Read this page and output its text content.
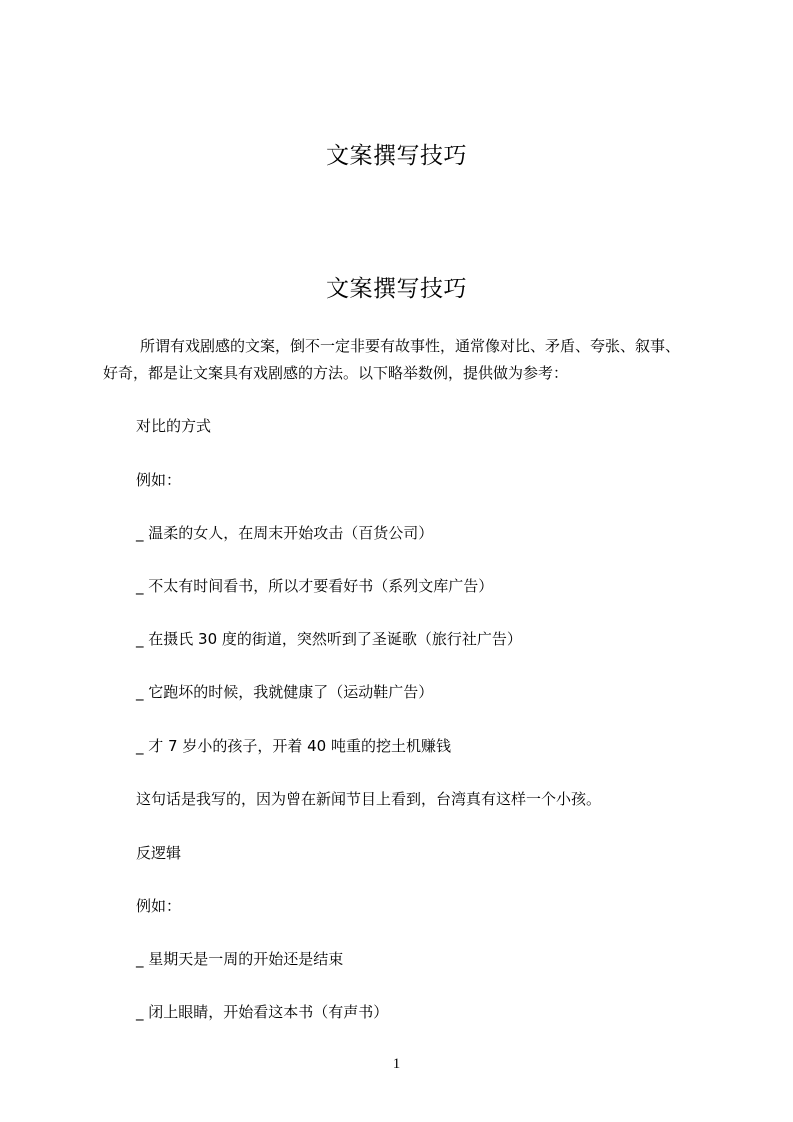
文案撰写技巧
文案撰写技巧
所谓有戏剧感的文案，倒不一定非要有故事性，通常像对比、矛盾、夸张、叙事、
好奇，都是让文案具有戏剧感的方法。以下略举数例，提供做为参考：
对比的方式
例如：
_ 温柔的女人，在周末开始攻击（百货公司）
_ 不太有时间看书，所以才要看好书（系列文库广告）
_ 在摄氏 30 度的街道，突然听到了圣诞歌（旅行社广告）
_ 它跑坏的时候，我就健康了（运动鞋广告）
_ 才 7 岁小的孩子，开着 40 吨重的挖土机赚钱
这句话是我写的，因为曾在新闻节目上看到，台湾真有这样一个小孩。
反逻辑
例如：
_ 星期天是一周的开始还是结束
_ 闭上眼睛，开始看这本书（有声书）
1
